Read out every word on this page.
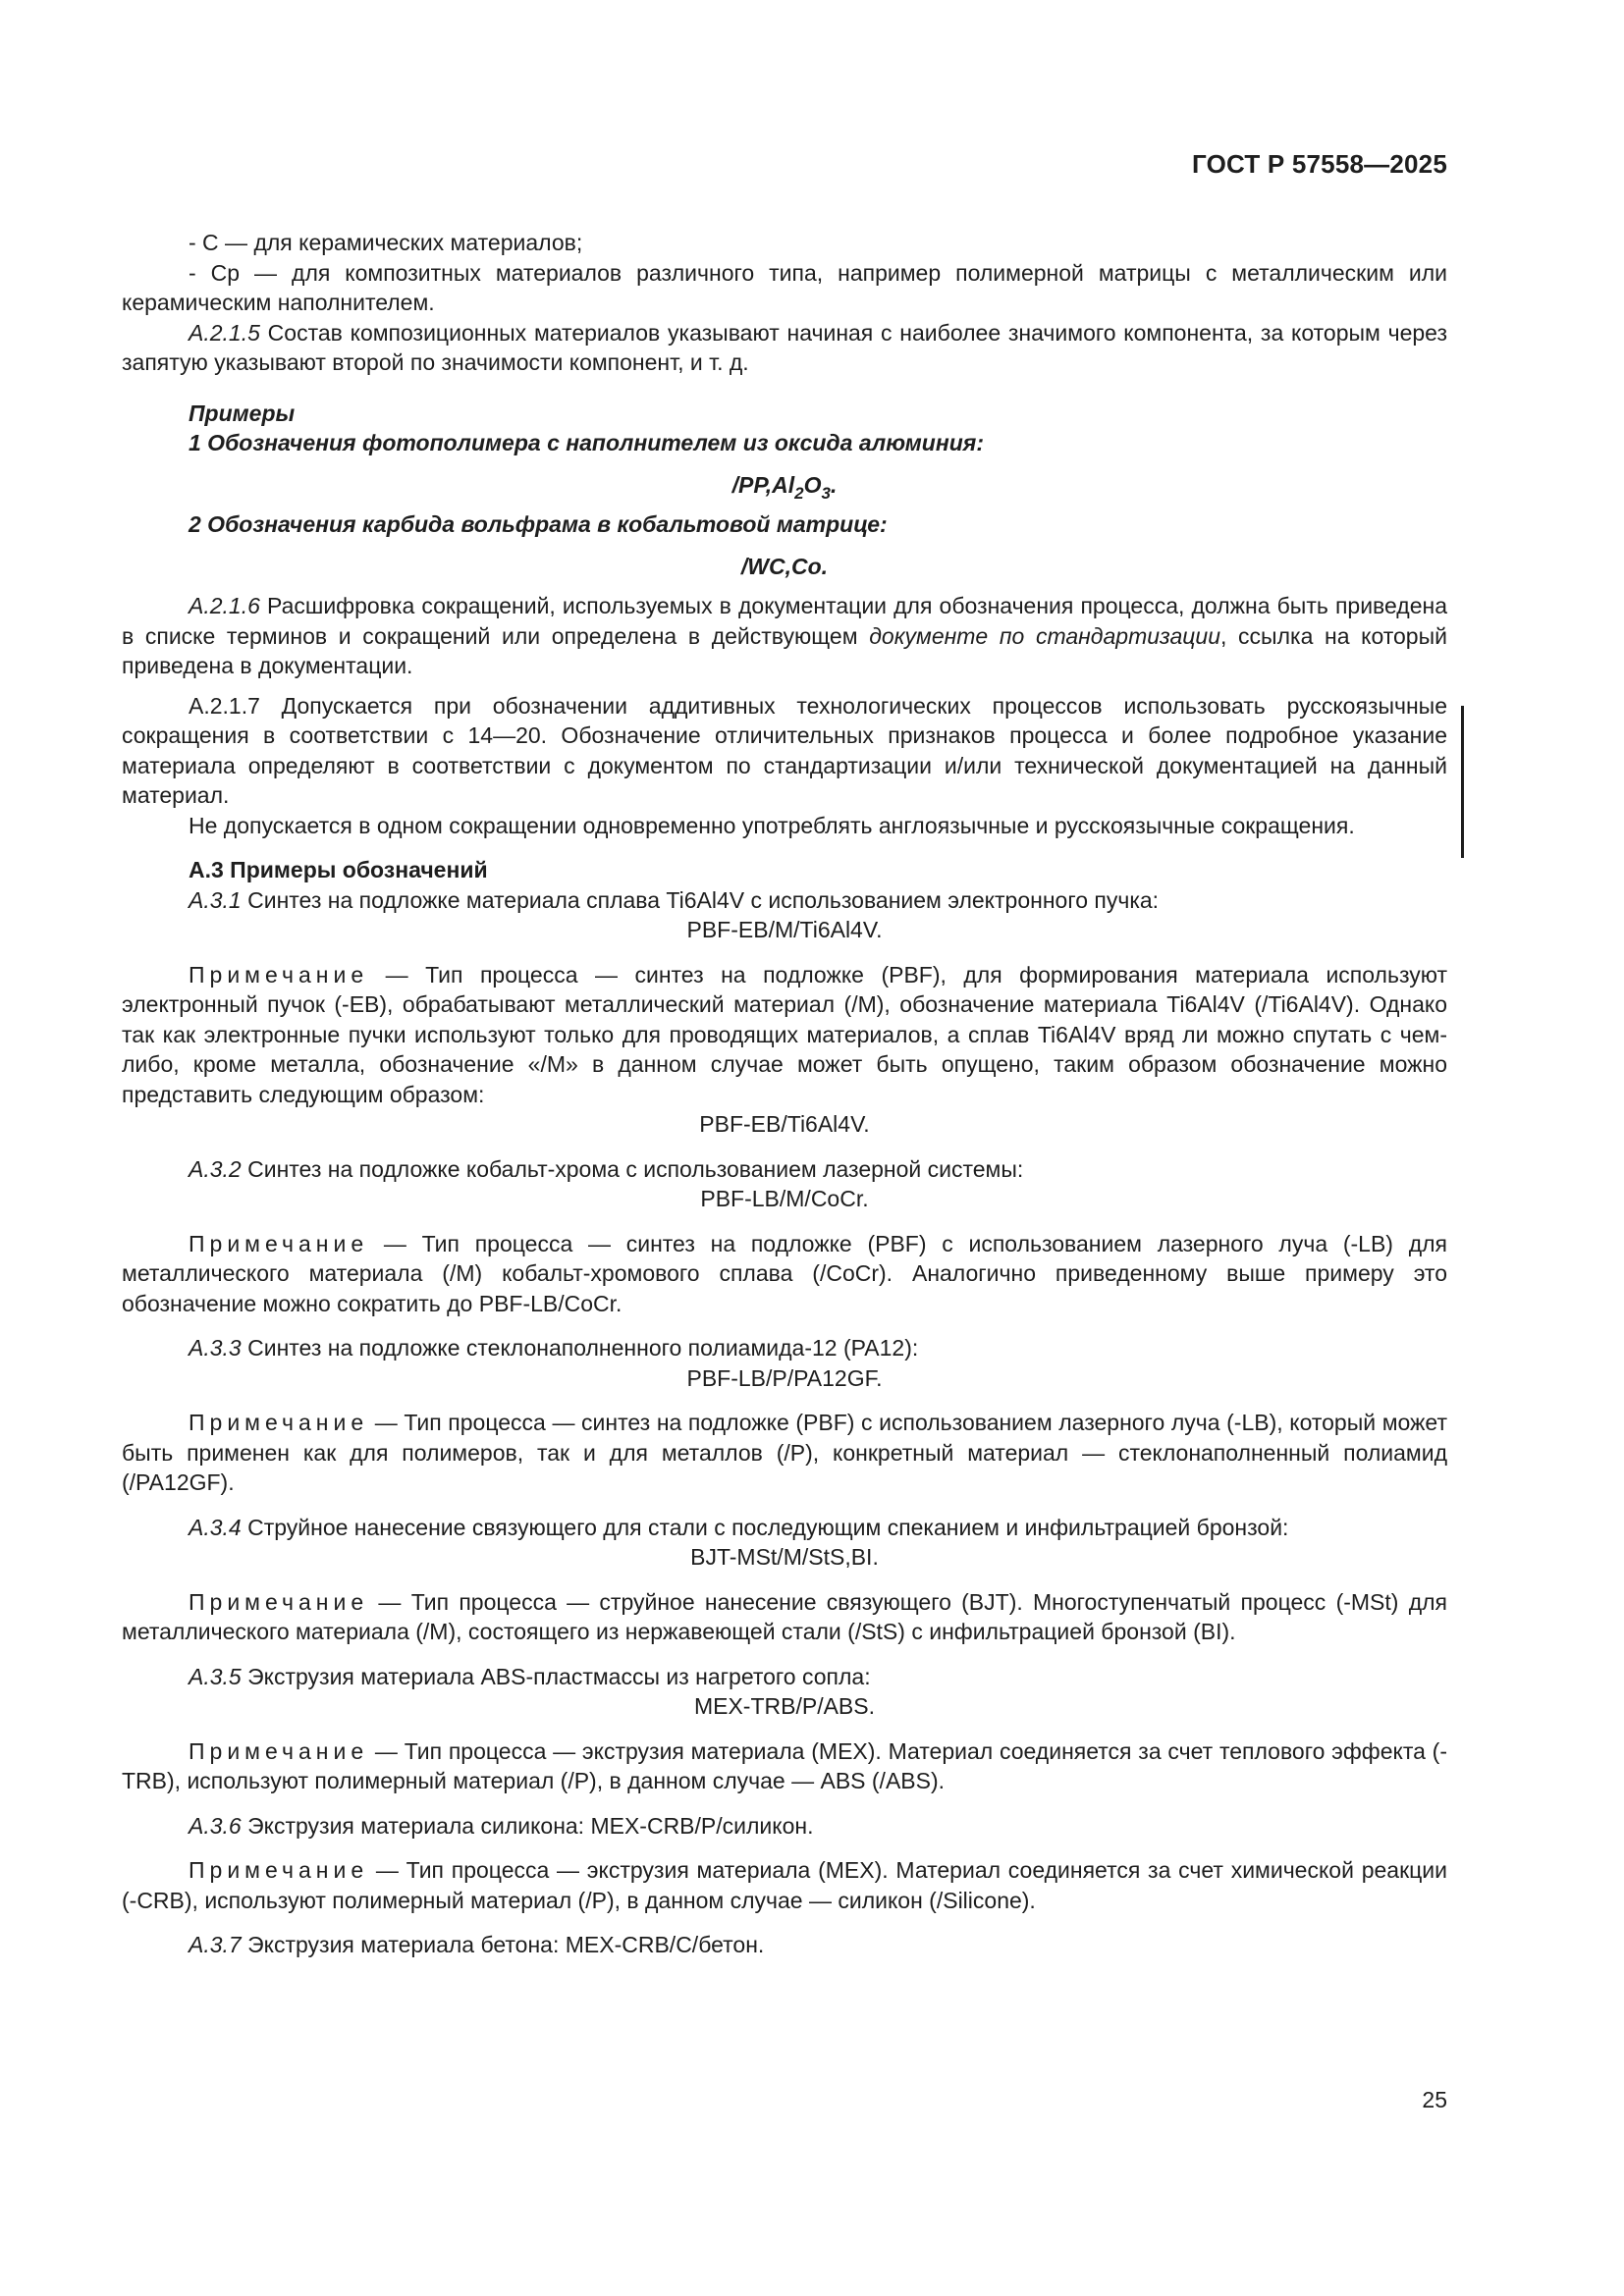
ГОСТ Р 57558—2025

- С — для керамических материалов;

- Ср — для композитных материалов различного типа, например полимерной матрицы с металлическим или керамическим наполнителем.

А.2.1.5 Состав композиционных материалов указывают начиная с наиболее значимого компонента, за которым через запятую указывают второй по значимости компонент, и т. д.

Примеры

1 Обозначения фотополимера с наполнителем из оксида алюминия:

$/PP,Al_2O_3$.

2 Обозначения карбида вольфрама в кобальтовой матрице:

/WC,Co.

А.2.1.6 Расшифровка сокращений, используемых в документации для обозначения процесса, должна быть приведена в списке терминов и сокращений или определена в действующем документе по стандартизации, ссылка на который приведена в документации.

А.2.1.7 Допускается при обозначении аддитивных технологических процессов использовать русскоязычные сокращения в соответствии с 14—20. Обозначение отличительных признаков процесса и более подробное указание материала определяют в соответствии с документом по стандартизации и/или технической документацией на данный материал.

Не допускается в одном сокращении одновременно употреблять англоязычные и русскоязычные сокращения.

А.3 Примеры обозначений

А.3.1 Синтез на подложке материала сплава Ti6Al4V с использованием электронного пучка:

PBF-EB/M/Ti6Al4V.

Примечание — Тип процесса — синтез на подложке (PBF), для формирования материала используют электронный пучок (-EB), обрабатывают металлический материал (/M), обозначение материала Ti6Al4V (/Ti6Al4V). Однако так как электронные пучки используют только для проводящих материалов, а сплав Ti6Al4V вряд ли можно спутать с чем-либо, кроме металла, обозначение «/M» в данном случае может быть опущено, таким образом обозначение можно представить следующим образом:

PBF-EB/Ti6Al4V.

А.3.2 Синтез на подложке кобальт-хрома с использованием лазерной системы:

PBF-LB/M/CoCr.

Примечание — Тип процесса — синтез на подложке (PBF) с использованием лазерного луча (-LB) для металлического материала (/M) кобальт-хромового сплава (/CoCr). Аналогично приведенному выше примеру это обозначение можно сократить до PBF-LB/CoCr.

А.3.3 Синтез на подложке стеклонаполненного полиамида-12 (PA12):

PBF-LB/P/PA12GF.

Примечание — Тип процесса — синтез на подложке (PBF) с использованием лазерного луча (-LB), который может быть применен как для полимеров, так и для металлов (/P), конкретный материал — стеклонаполненный полиамид (/PA12GF).

А.3.4 Струйное нанесение связующего для стали с последующим спеканием и инфильтрацией бронзой:

BJT-MSt/M/StS,BI.

Примечание — Тип процесса — струйное нанесение связующего (BJT). Многоступенчатый процесс (-MSt) для металлического материала (/M), состоящего из нержавеющей стали (/StS) с инфильтрацией бронзой (BI).

А.3.5 Экструзия материала ABS-пластмассы из нагретого сопла:

MEX-TRB/P/ABS.

Примечание — Тип процесса — экструзия материала (MEX). Материал соединяется за счет теплового эффекта (-TRB), используют полимерный материал (/P), в данном случае — ABS (/ABS).

А.3.6 Экструзия материала силикона: MEX-CRB/P/силикон.

Примечание — Тип процесса — экструзия материала (MEX). Материал соединяется за счет химической реакции (-CRB), используют полимерный материал (/P), в данном случае — силикон (/Silicone).

А.3.7 Экструзия материала бетона: MEX-CRB/C/бетон.

25
